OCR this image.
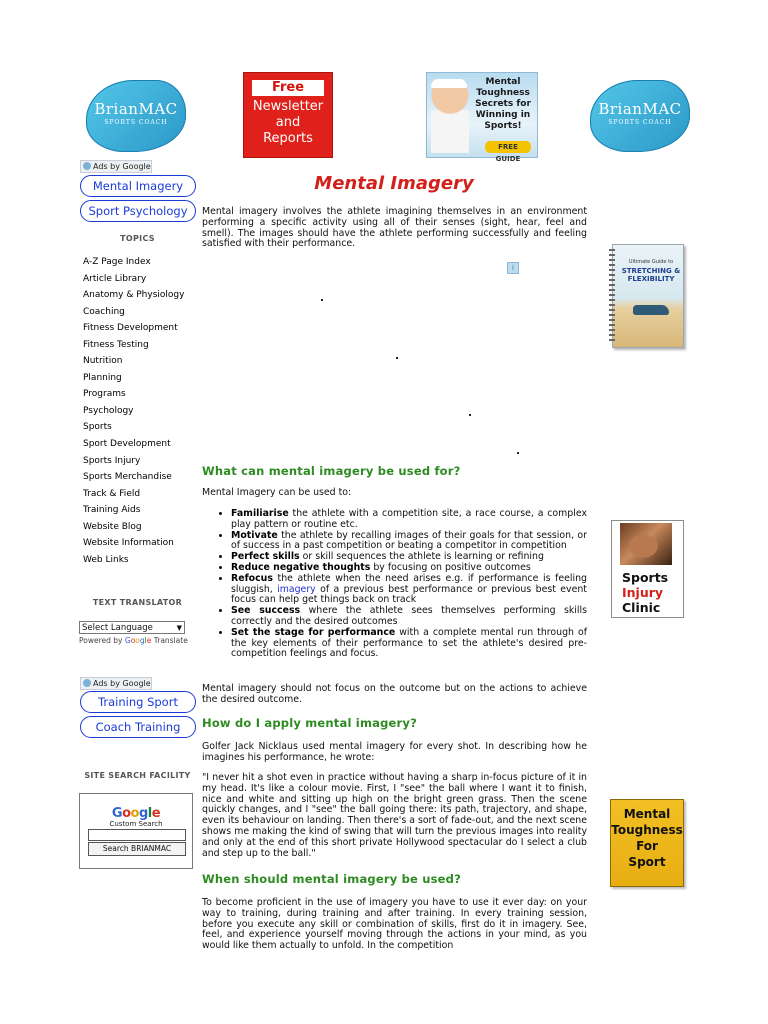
BrianMAC
SPORTS COACH
Free
Newsletter
and
Reports
Mental Toughness Secrets for Winning in Sports!
FREE GUIDE
BrianMAC
SPORTS COACH
Ads by Google
Mental Imagery
Sport Psychology
TOPICS
A-Z Page Index
Article Library
Anatomy & Physiology
Coaching
Fitness Development
Fitness Testing
Nutrition
Planning
Programs
Psychology
Sports
Sport Development
Sports Injury
Sports Merchandise
Track & Field
Training Aids
Website Blog
Website Information
Web Links
TEXT TRANSLATOR
Select Language	▼
Powered by Google Translate
Ads by Google
Training Sport
Coach Training
SITE SEARCH FACILITY
Google
Custom Search
Search BRIANMAC
Mental Imagery

Mental imagery involves the athlete imagining themselves in an environment performing a specific activity using all of their senses (sight, hear, feel and smell). The images should have the athlete performing successfully and feeling satisfied with their performance.

i
What can mental imagery be used for?

Mental Imagery can be used to:

• Familiarise the athlete with a competition site, a race course, a complex play pattern or routine etc.
• Motivate the athlete by recalling images of their goals for that session, or of success in a past competition or beating a competitor in competition
• Perfect skills or skill sequences the athlete is learning or refining
• Reduce negative thoughts by focusing on positive outcomes
• Refocus the athlete when the need arises e.g. if performance is feeling sluggish, imagery of a previous best performance or previous best event focus can help get things back on track
• See success where the athlete sees themselves performing skills correctly and the desired outcomes
• Set the stage for performance with a complete mental run through of the key elements of their performance to set the athlete's desired pre-competition feelings and focus.

Mental imagery should not focus on the outcome but on the actions to achieve the desired outcome.

How do I apply mental imagery?

Golfer Jack Nicklaus used mental imagery for every shot. In describing how he imagines his performance, he wrote:

"I never hit a shot even in practice without having a sharp in-focus picture of it in my head. It's like a colour movie. First, I "see" the ball where I want it to finish, nice and white and sitting up high on the bright green grass. Then the scene quickly changes, and I "see" the ball going there: its path, trajectory, and shape, even its behaviour on landing. Then there's a sort of fade-out, and the next scene shows me making the kind of swing that will turn the previous images into reality and only at the end of this short private Hollywood spectacular do I select a club and step up to the ball."

When should mental imagery be used?

To become proficient in the use of imagery you have to use it ever day: on your way to training, during training and after training. In every training session, before you execute any skill or combination of skills, first do it in imagery. See, feel, and experience yourself moving through the actions in your mind, as you would like them actually to unfold. In the competition

Ultimate Guide to
STRETCHING & FLEXIBILITY
Sports
Injury
Clinic
Mental
Toughness
For
Sport
